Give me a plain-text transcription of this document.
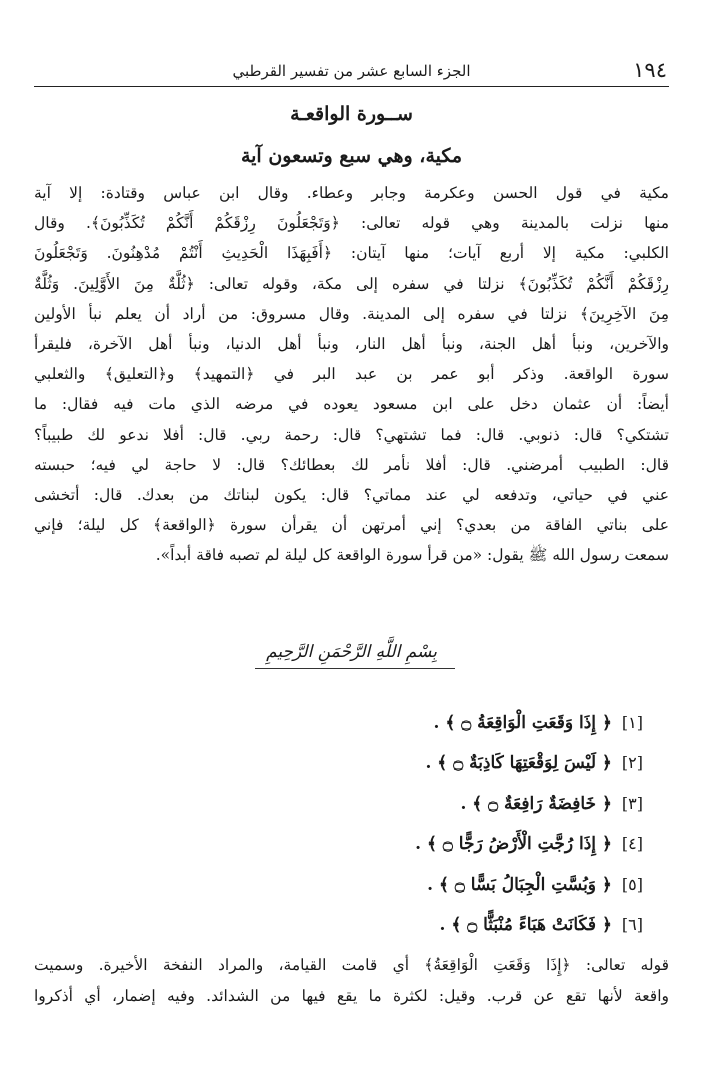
١٩٤
الجزء السابع عشر من تفسير القرطبي
ســورة الواقعـة
مكية، وهي سبع وتسعون آية

مكية في قول الحسن وعكرمة وجابر وعطاء. وقال ابن عباس وقتادة: إلا آية

منها نزلت بالمدينة وهي قوله تعالى: ﴿وَتَجْعَلُونَ رِزْقَكُمْ أَنَّكُمْ تُكَذِّبُونَ﴾. وقال

الكلبي: مكية إلا أربع آيات؛ منها آيتان: ﴿أَفَبِهَذَا الْحَدِيثِ أَنْتُمْ مُدْهِنُونَ. وَتَجْعَلُونَ

رِزْقَكُمْ أَنَّكُمْ تُكَذِّبُونَ﴾ نزلتا في سفره إلى مكة، وقوله تعالى: ﴿ثُلَّةٌ مِنَ الأَوَّلِينَ. وَثُلَّةٌ

مِنَ الآخِرِينَ﴾ نزلتا في سفره إلى المدينة. وقال مسروق: من أراد أن يعلم نبأ الأولين

والآخرين، ونبأ أهل الجنة، ونبأ أهل النار، ونبأ أهل الدنيا، ونبأ أهل الآخرة، فليقرأ

سورة الواقعة. وذكر أبو عمر بن عبد البر في ﴿التمهيد﴾ و﴿التعليق﴾ والثعلبي

أيضاً: أن عثمان دخل على ابن مسعود يعوده في مرضه الذي مات فيه فقال: ما

تشتكي؟ قال: ذنوبي. قال: فما تشتهي؟ قال: رحمة ربي. قال: أفلا ندعو لك طبيباً؟

قال: الطبيب أمرضني. قال: أفلا نأمر لك بعطائك؟ قال: لا حاجة لي فيه؛ حبسته

عني في حياتي، وتدفعه لي عند مماتي؟ قال: يكون لبناتك من بعدك. قال: أتخشى

على بناتي الفاقة من بعدي؟ إني أمرتهن أن يقرأن سورة ﴿الواقعة﴾ كل ليلة؛ فإني

سمعت رسول الله ﷺ يقول: «من قرأ سورة الواقعة كل ليلة لم تصبه فاقة أبداً».

بِسْمِ اللَّهِ الرَّحْمَنِ الرَّحِيمِ
[١]
﴿ إِذَا وَقَعَتِ الْوَاقِعَةُ ۝ ﴾ .
[٢]
﴿ لَيْسَ لِوَقْعَتِهَا كَاذِبَةٌ ۝ ﴾ .
[٣]
﴿ خَافِضَةٌ رَافِعَةٌ ۝ ﴾ .
[٤]
﴿ إِذَا رُجَّتِ الْأَرْضُ رَجًّا ۝ ﴾ .
[٥]
﴿ وَبُسَّتِ الْجِبَالُ بَسًّا ۝ ﴾ .
[٦]
﴿ فَكَانَتْ هَبَاءً مُنْبَثًّا ۝ ﴾ .

قوله تعالى: ﴿إِذَا وَقَعَتِ الْوَاقِعَةُ﴾ أي قامت القيامة، والمراد النفخة الأخيرة. وسميت

واقعة لأنها تقع عن قرب. وقيل: لكثرة ما يقع فيها من الشدائد. وفيه إضمار، أي أذكروا
